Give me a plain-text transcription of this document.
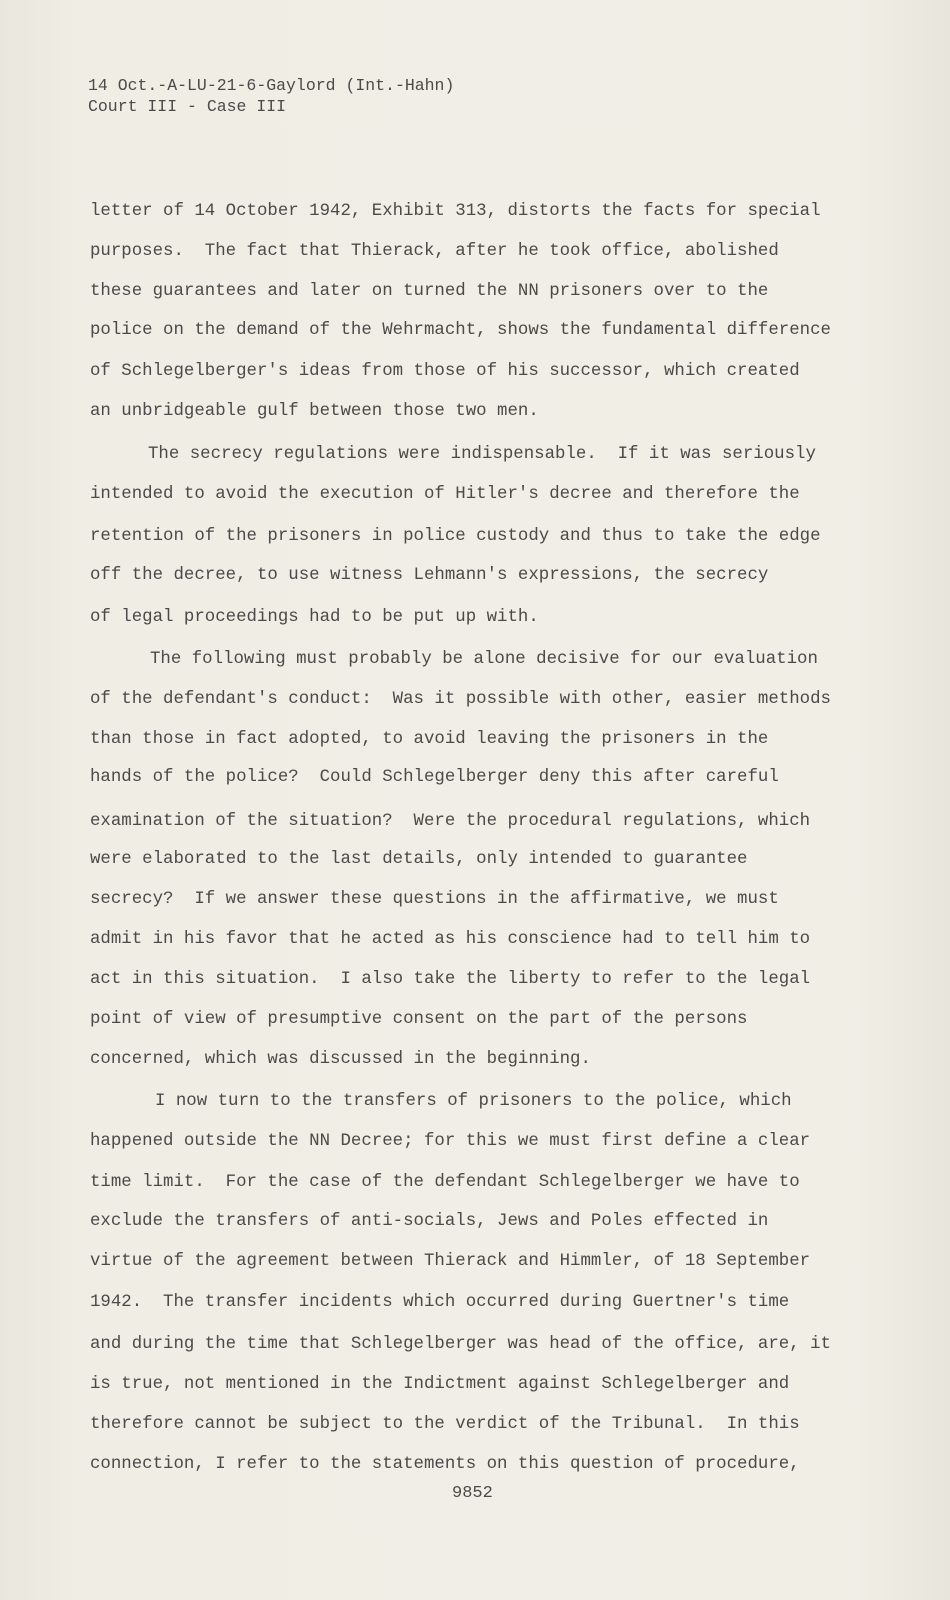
14 Oct.-A-LU-21-6-Gaylord (Int.-Hahn)
Court III - Case III
letter of 14 October 1942, Exhibit 313, distorts the facts for special
purposes.  The fact that Thierack, after he took office, abolished
these guarantees and later on turned the NN prisoners over to the
police on the demand of the Wehrmacht, shows the fundamental difference
of Schlegelberger's ideas from those of his successor, which created
an unbridgeable gulf between those two men.
The secrecy regulations were indispensable.  If it was seriously
intended to avoid the execution of Hitler's decree and therefore the
retention of the prisoners in police custody and thus to take the edge
off the decree, to use witness Lehmann's expressions, the secrecy
of legal proceedings had to be put up with.
The following must probably be alone decisive for our evaluation
of the defendant's conduct:  Was it possible with other, easier methods
than those in fact adopted, to avoid leaving the prisoners in the
hands of the police?  Could Schlegelberger deny this after careful
examination of the situation?  Were the procedural regulations, which
were elaborated to the last details, only intended to guarantee
secrecy?  If we answer these questions in the affirmative, we must
admit in his favor that he acted as his conscience had to tell him to
act in this situation.  I also take the liberty to refer to the legal
point of view of presumptive consent on the part of the persons
concerned, which was discussed in the beginning.
I now turn to the transfers of prisoners to the police, which
happened outside the NN Decree; for this we must first define a clear
time limit.  For the case of the defendant Schlegelberger we have to
exclude the transfers of anti-socials, Jews and Poles effected in
virtue of the agreement between Thierack and Himmler, of 18 September
1942.  The transfer incidents which occurred during Guertner's time
and during the time that Schlegelberger was head of the office, are, it
is true, not mentioned in the Indictment against Schlegelberger and
therefore cannot be subject to the verdict of the Tribunal.  In this
connection, I refer to the statements on this question of procedure,
9852
